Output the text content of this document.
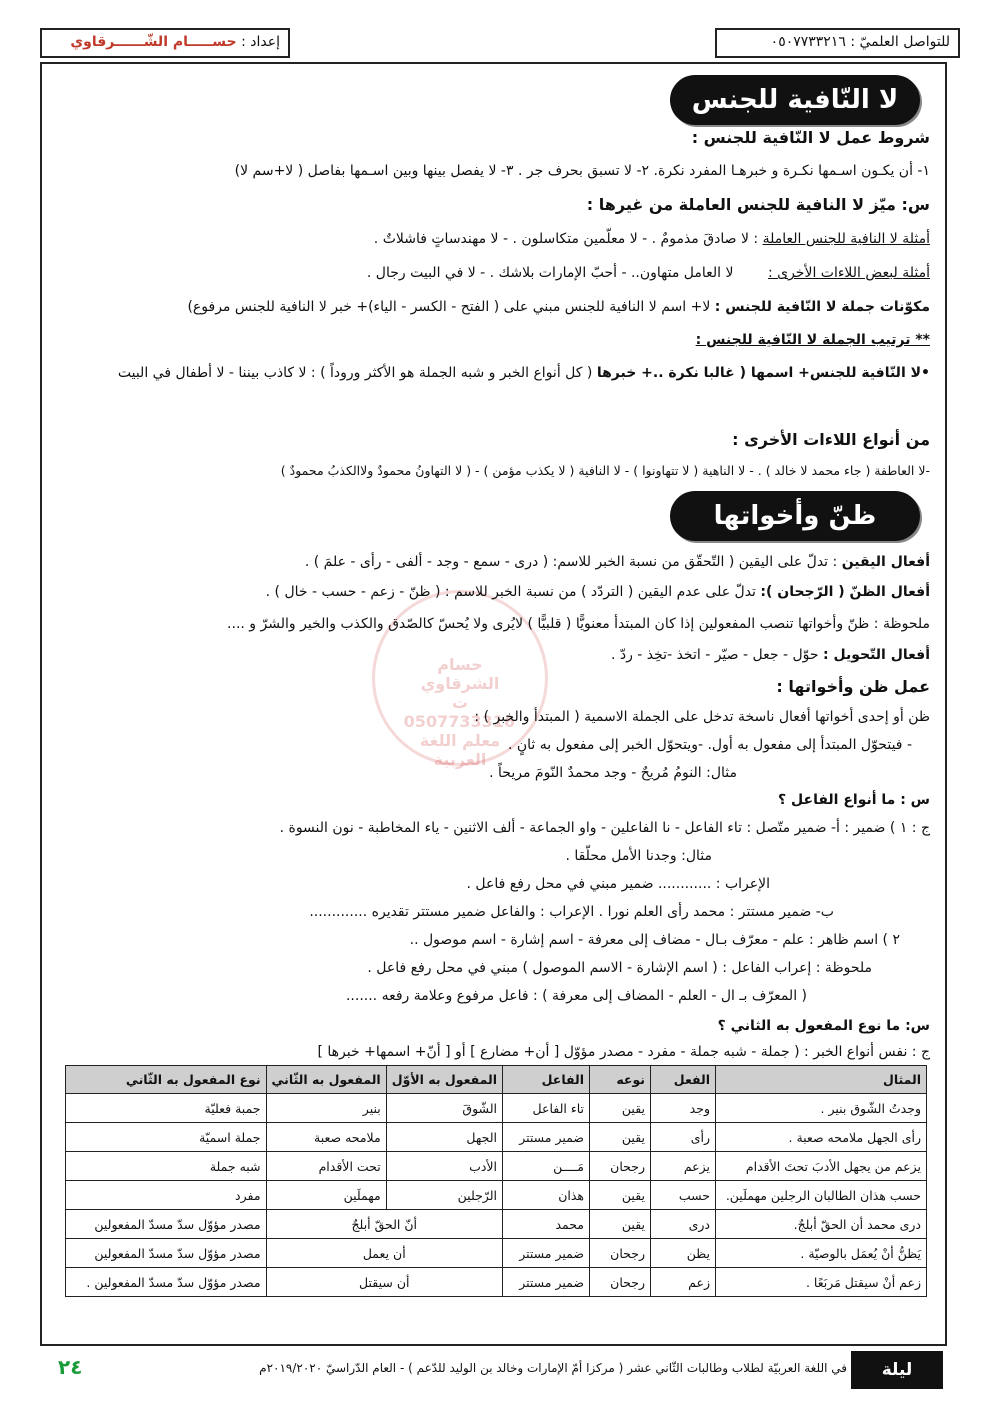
للتواصل العلميّ : ٠٥٠٧٧٣٣٢١٦
إعداد : حســـــام الشّــــــرقاوي
حسام الشرقاوي
ت 0507733316
معلم اللغة العربية
لا النّافية للجنس
شروط عمل لا النّافية للجنس :
١- أن يكـون اسـمها نكـرة و خبرهـا المفرد نكرة. ٢- لا تسبق بحرف جر . ٣- لا يفصل بينها وبين اسـمها بفاصل ( لا+سم لا)
س: ميّز لا النافية للجنس العاملة من غيرها :
أمثلة لا النافية للجنس العاملة : لا صادقَ مذمومٌ . - لا معلّمين متكاسلون . - لا مهندساتٍ فاشلاتٌ .
أمثلة لبعض اللاءات الأخرى : لا العامل متهاون.. - أحبّ الإمارات بلاشك . - لا في البيت رجال .
مكوّنات جملة لا النّافية للجنس : لا+ اسم لا النافية للجنس مبني على ( الفتح - الكسر - الياء)+ خبر لا النافية للجنس مرفوع)
** ترتيب الجملة لا النّافية للجنس :
•لا النّافية للجنس+ اسمها ( غالبا نكرة ..+ خبرها ( كل أنواع الخبر و شبه الجملة هو الأكثر وروداً ) : لا كاذب بيننا - لا أطفال في البيت
من أنواع اللاءات الأخرى :
-لا العاطفة ( جاء محمد لا خالد ) . - لا الناهية ( لا تتهاونوا ) - لا النافية ( لا يكذب مؤمن ) - ( لا التهاونُ محمودٌ ولاالكذبُ محمودٌ )
ظنّ وأخواتها
أفعال اليقين : تدلّ على اليقين ( التّحقّق من نسبة الخبر للاسم: ( درى - سمع - وجد - ألفى - رأى - علمَ ) .
أفعال الظنّ ( الرّجحان ): تدلّ على عدم اليقين ( التردّد ) من نسبة الخبر للاسم : ( ظنّ - زعم - حسب - خال ) .
ملحوظة : ظنّ وأخواتها تنصب المفعولين إذا كان المبتدأ معنويًّا ( قلبيًّا ) لايُرى ولا يُحسّ كالصّدق والكذب والخير والشرّ و ....
أفعال التّحويل : حوّل - جعل - صيّر - اتخذ -تخِذ - ردّ .
عمل ظن وأخواتها :
ظن أو إحدى أخواتها أفعال ناسخة تدخل على الجملة الاسمية ( المبتدأ والخبر ) :
- فيتحوّل المبتدأ إلى مفعول به أول. -ويتحوّل الخبر إلى مفعول به ثانٍ .
مثال: النومُ مُريحٌ - وجد محمدٌ النّومَ مريحاً .
س : ما أنواع الفاعل ؟
ج : ١ ) ضمير : أ- ضمير متّصل : تاء الفاعل - نا الفاعلين - واو الجماعة - ألف الاثنين - ياء المخاطبة - نون النسوة .
مثال: وجدنا الأمل محلّقا .
الإعراب : ............ ضمير مبني في محل رفع فاعل .
ب- ضمير مستتر : محمد رأى العلم نورا . الإعراب : والفاعل ضمير مستتر تقديره .............
٢ ) اسم ظاهر : علم - معرّف بـال - مضاف إلى معرفة - اسم إشارة - اسم موصول ..
ملحوظة : إعراب الفاعل : ( اسم الإشارة - الاسم الموصول ) مبني في محل رفع فاعل .
( المعرّف بـ ال - العلم - المضاف إلى معرفة ) : فاعل مرفوع وعلامة رفعه .......
س: ما نوع المفعول به الثاني ؟
ج : نفس أنواع الخبر : ( جملة - شبه جملة - مفرد - مصدر مؤوّل [ أن+ مضارع ] أو [ أنّ+ اسمها+ خبرها ]
المثال	الفعل	نوعه	الفاعل	المفعول به الأوّل	المفعول به الثّاني	نوع المفعول به الثّاني
وجدتُ الشّوق بنير .	وجد	يقين	تاء الفاعل	الشّوقَ	بنير	جمبة فعليّة
رأى الجهل ملامحه صعبة .	رأى	يقين	ضمير مستتر	الجهل	ملامحه صعبة	جملة اسميّة
يزعم من يجهل الأدبَ تحتَ الأقدام	يزعم	رجحان	مَــــن	الأدب	تحت الأقدام	شبه جملة
حسب هذان الطالبان الرجلين مهملَين.	حسب	يقين	هذان	الرّجلين	مهملَين	مفرد
درى محمد أن الحقّ أبلجٌ.	درى	يقين	محمد	أنّ الحقّ أبلجٌ		مصدر مؤوّل سدّ مسدّ المفعولين
يَظنُّ أنْ يُعمَل بالوصيّة .	يظن	رجحان	ضمير مستتر	أن يعمل		مصدر مؤوّل سدّ مسدّ المفعولين
زعم أنْ سيقتل مَربَعًا .	زعم	رجحان	ضمير مستتر	أن سيقتل		مصدر مؤوّل سدّ مسدّ المفعولين .
ليلة الامتحان
في اللغة العربيّة لطلاب وطالبات الثّاني عشر ( مركزا أمّ الإمارات وخالد بن الوليد للدّعم ) - العام الدّراسيّ ٢٠١٩/٢٠٢٠م
٢٤
